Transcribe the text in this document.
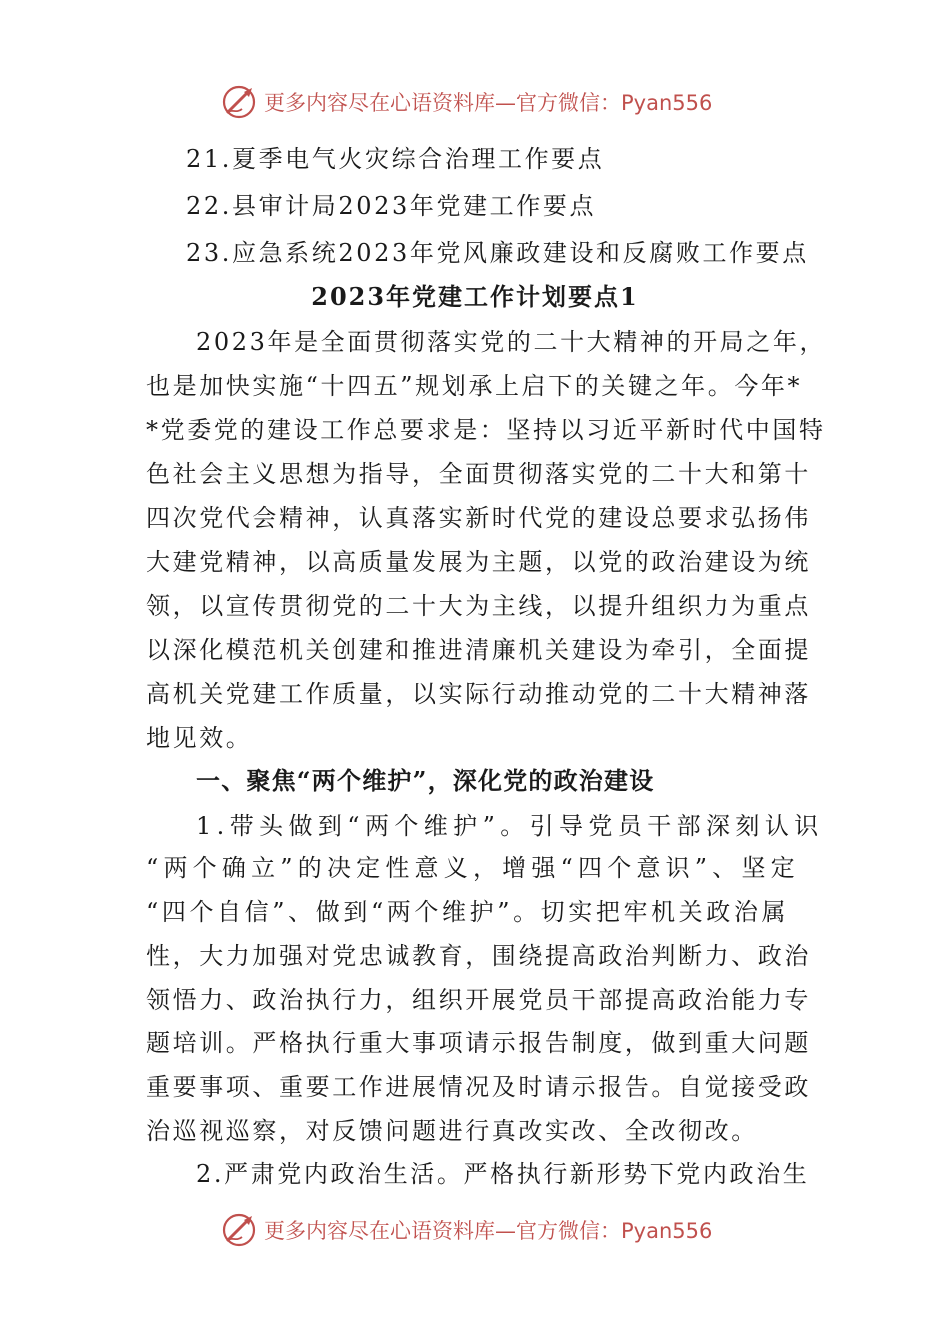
更多内容尽在心语资料库—官方微信：Pyan556
21.夏季电气火灾综合治理工作要点
22.县审计局2023年党建工作要点
23.应急系统2023年党风廉政建设和反腐败工作要点
2023年党建工作计划要点1
2023年是全面贯彻落实党的二十大精神的开局之年，
也是加快实施“十四五”规划承上启下的关键之年。今年*
*党委党的建设工作总要求是：坚持以习近平新时代中国特
色社会主义思想为指导，全面贯彻落实党的二十大和第十
四次党代会精神，认真落实新时代党的建设总要求弘扬伟
大建党精神，以高质量发展为主题，以党的政治建设为统
领，以宣传贯彻党的二十大为主线，以提升组织力为重点
以深化模范机关创建和推进清廉机关建设为牵引，全面提
高机关党建工作质量，以实际行动推动党的二十大精神落
地见效。
一、聚焦“两个维护”，深化党的政治建设
1.带头做到“两个维护”。引导党员干部深刻认识
“两个确立”的决定性意义，增强“四个意识”、坚定
“四个自信”、做到“两个维护”。切实把牢机关政治属
性，大力加强对党忠诚教育，围绕提高政治判断力、政治
领悟力、政治执行力，组织开展党员干部提高政治能力专
题培训。严格执行重大事项请示报告制度，做到重大问题
重要事项、重要工作进展情况及时请示报告。自觉接受政
治巡视巡察，对反馈问题进行真改实改、全改彻改。
2.严肃党内政治生活。严格执行新形势下党内政治生
更多内容尽在心语资料库—官方微信：Pyan556
